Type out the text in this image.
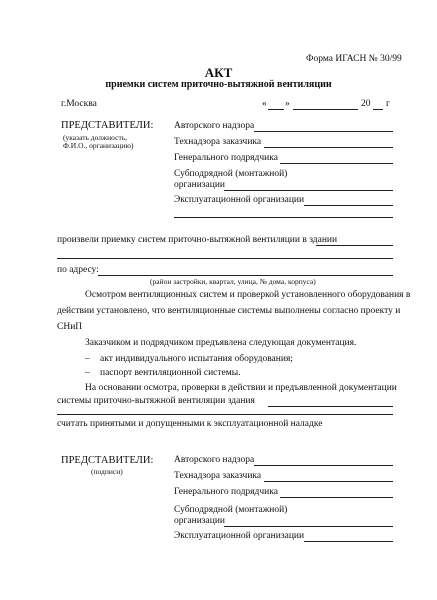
Форма ИГАСН № 30/99
АКТ
приемки систем приточно-вытяжной вентиляции
г.Москва	« »	20 г
ПРЕДСТАВИТЕЛИ:
(указать должность,
Ф.И.О., организацию)
Авторского надзора
Технадзора заказчика
Генерального подрядчика
Субподрядной (монтажной)
организации
Эксплуатационной организации
произвели приемку систем приточно-вытяжной вентиляции в здании
по адресу:
(район застройки, квартал, улица, № дома, корпуса)
Осмотром вентиляционных систем и проверкой установленного оборудования в
действии установлено, что вентиляционные системы выполнены согласно проекту и
СНиП
Заказчиком и подрядчиком предъявлена следующая документация.
– акт индивидуального испытания оборудования;
– паспорт вентиляционной системы.
На основании осмотра, проверки в действии и предъявленной документации
системы приточно-вытяжной вентиляции здания
считать принятыми и допущенными к эксплуатационной наладке
ПРЕДСТАВИТЕЛИ:
(подписи)
Авторского надзора
Технадзора заказчика
Генерального подрядчика
Субподрядной (монтажной)
организации
Эксплуатационной организации
